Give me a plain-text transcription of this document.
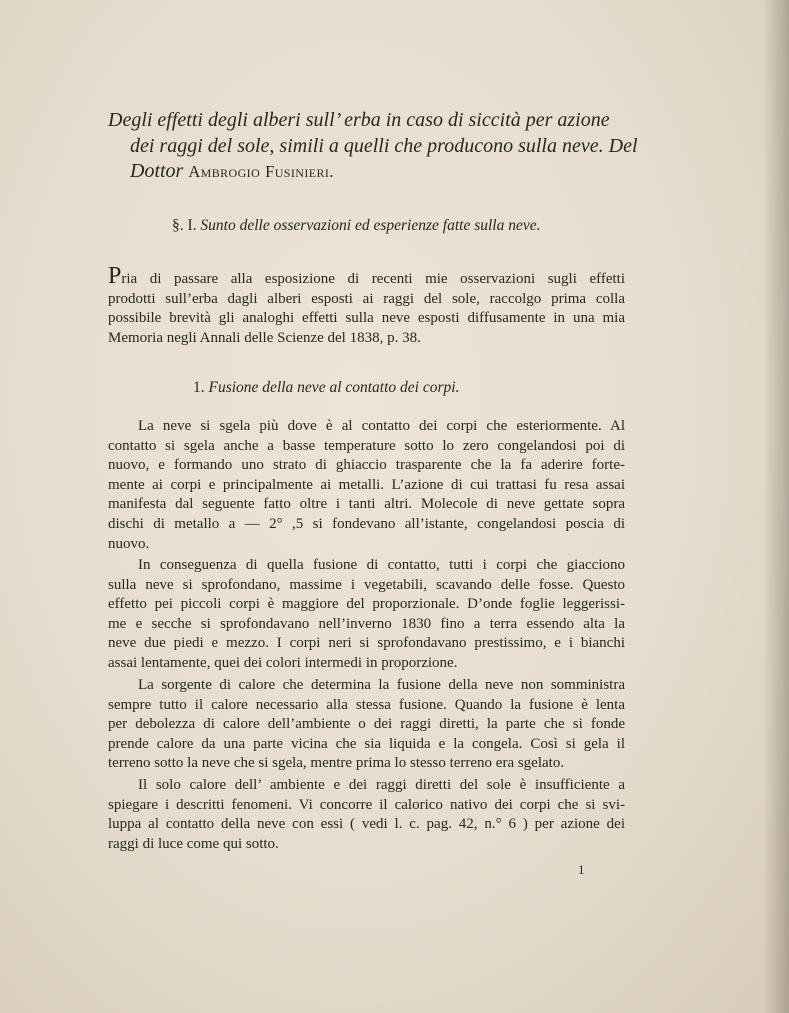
Degli effetti degli alberi sull’ erba in caso di siccità per azione
dei raggi del sole, simili a quelli che producono sulla neve. Del
Dottor Ambrogio Fusinieri.

§. I. Sunto delle osservazioni ed esperienze fatte sulla neve.

Pria di passare alla esposizione di recenti mie osservazioni sugli effetti
prodotti sull’erba dagli alberi esposti ai raggi del sole, raccolgo prima colla
possibile brevità gli analoghi effetti sulla neve esposti diffusamente in una mia
Memoria negli Annali delle Scienze del 1838, p. 38.

1. Fusione della neve al contatto dei corpi.

La neve si sgela più dove è al contatto dei corpi che esteriormente. Al
contatto si sgela anche a basse temperature sotto lo zero congelandosi poi di
nuovo, e formando uno strato di ghiaccio trasparente che la fa aderire forte-
mente ai corpi e principalmente ai metalli. L’azione di cui trattasi fu resa assai
manifesta dal seguente fatto oltre i tanti altri. Molecole di neve gettate sopra
dischi di metallo a — 2° ,5 si fondevano all’istante, congelandosi poscia di
nuovo.
In conseguenza di quella fusione di contatto, tutti i corpi che giacciono
sulla neve si sprofondano, massime i vegetabili, scavando delle fosse. Questo
effetto pei piccoli corpi è maggiore del proporzionale. D’onde foglie leggerissi-
me e secche si sprofondavano nell’inverno 1830 fino a terra essendo alta la
neve due piedi e mezzo. I corpi neri si sprofondavano prestissimo, e i bianchi
assai lentamente, quei dei colori intermedi in proporzione.
La sorgente di calore che determina la fusione della neve non somministra
sempre tutto il calore necessario alla stessa fusione. Quando la fusione è lenta
per debolezza di calore dell’ambiente o dei raggi diretti, la parte che si fonde
prende calore da una parte vicina che sia liquida e la congela. Così si gela il
terreno sotto la neve che si sgela, mentre prima lo stesso terreno era sgelato.
Il solo calore dell’ ambiente e dei raggi diretti del sole è insufficiente a
spiegare i descritti fenomeni. Vi concorre il calorico nativo dei corpi che si svi-
luppa al contatto della neve con essi ( vedi l. c. pag. 42, n.° 6 ) per azione dei
raggi di luce come qui sotto.
1
